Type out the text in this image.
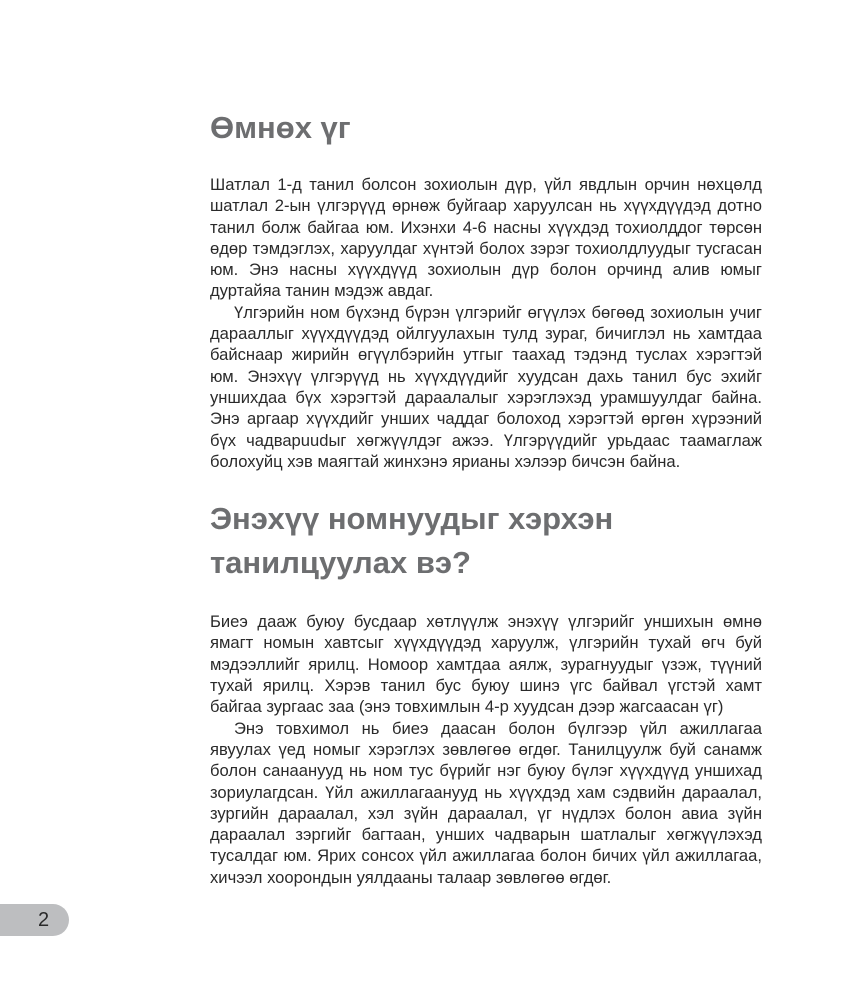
Өмнөх үг

Шатлал 1-д танил болсон зохиолын дүр, үйл явдлын орчин нөхцөлд шатлал 2-ын үлгэрүүд өрнөж буйгаар харуулсан нь хүүхдүүдэд дотно танил болж байгаа юм. Ихэнхи 4-6 насны хүүхдэд тохиолддог төрсөн өдөр тэмдэглэх, харуулдаг хүнтэй болох зэрэг тохиолдлуудыг тусгасан юм. Энэ насны хүүхдүүд зохиолын дүр болон орчинд алив юмыг дуртайяа танин мэдэж авдаг.

Үлгэрийн ном бүхэнд бүрэн үлгэрийг өгүүлэх бөгөөд зохиолын учиг дарааллыг хүүхдүүдэд ойлгуулахын тулд зураг, бичиглэл нь хамтдаа байснаар жирийн өгүүлбэрийн утгыг таахад тэдэнд туслах хэрэгтэй юм. Энэхүү үлгэрүүд нь хүүхдүүдийг хуудсан дахь танил бус эхийг уншихдаа бүх хэрэгтэй дараалалыг хэрэглэхэд урамшуулдаг байна. Энэ аргаар хүүхдийг унших чаддаг болоход хэрэгтэй өргөн хүрээний бүх чадварuudыг хөгжүүлдэг ажээ. Үлгэрүүдийг урьдаас таамаглаж болохуйц хэв маягтай жинхэнэ ярианы хэлээр бичсэн байна.

Энэхүү номнуудыг хэрхэн танилцуулах вэ?

Биеэ дааж буюу бусдаар хөтлүүлж энэхүү үлгэрийг уншихын өмнө ямагт номын хавтсыг хүүхдүүдэд харуулж, үлгэрийн тухай өгч буй мэдээллийг ярилц. Номоор хамтдаа аялж, зурагнуудыг үзэж, түүний тухай ярилц. Хэрэв танил бус буюу шинэ үгс байвал үгстэй хамт байгаа зургаас заа (энэ товхимлын 4-р хуудсан дээр жагсаасан үг)

Энэ товхимол нь биеэ даасан болон бүлгээр үйл ажиллагаа явуулах үед номыг хэрэглэх зөвлөгөө өгдөг. Танилцуулж буй санамж болон санаанууд нь ном тус бүрийг нэг буюу бүлэг хүүхдүүд уншихад зориулагдсан. Үйл ажиллагаанууд нь хүүхдэд хам сэдвийн дараалал, зургийн дараалал, хэл зүйн дараалал, үг нүдлэх болон авиа зүйн дараалал зэргийг багтаан, унших чадварын шатлалыг хөгжүүлэхэд тусалдаг юм. Ярих сонсох үйл ажиллагаа болон бичих үйл ажиллагаа, хичээл хоорондын уялдааны талаар зөвлөгөө өгдөг.

2
